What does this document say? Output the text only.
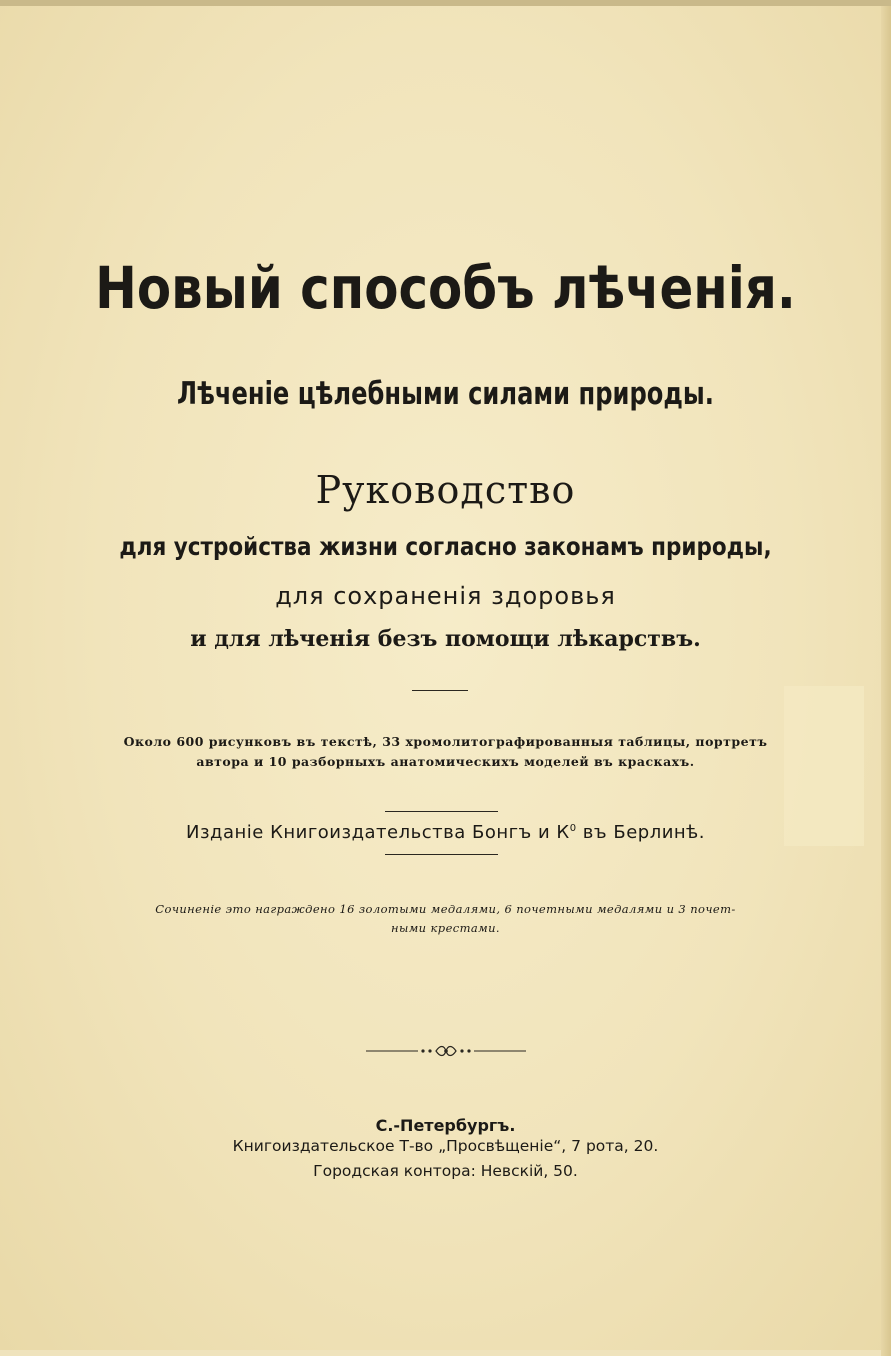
Новый способъ лѣченія.
Лѣченіе цѣлебными силами природы.
Руководство
для устройства жизни согласно законамъ природы,
для сохраненія здоровья
и для лѣченія безъ помощи лѣкарствъ.
Около 600 рисунковъ въ текстѣ, 33 хромолитографированныя таблицы, портретъ
автора и 10 разборныхъ анатомическихъ моделей въ краскахъ.
Изданіе Книгоиздательства Бонгъ и $К^0$ въ Берлинѣ.
Сочиненіе это награждено 16 золотыми медалями, 6 почетными медалями и 3 почет-
ными крестами.
С.-Петербургъ.
Книгоиздательское Т-во „Просвѣщеніе“, 7 рота, 20.
Городская контора: Невскій, 50.
